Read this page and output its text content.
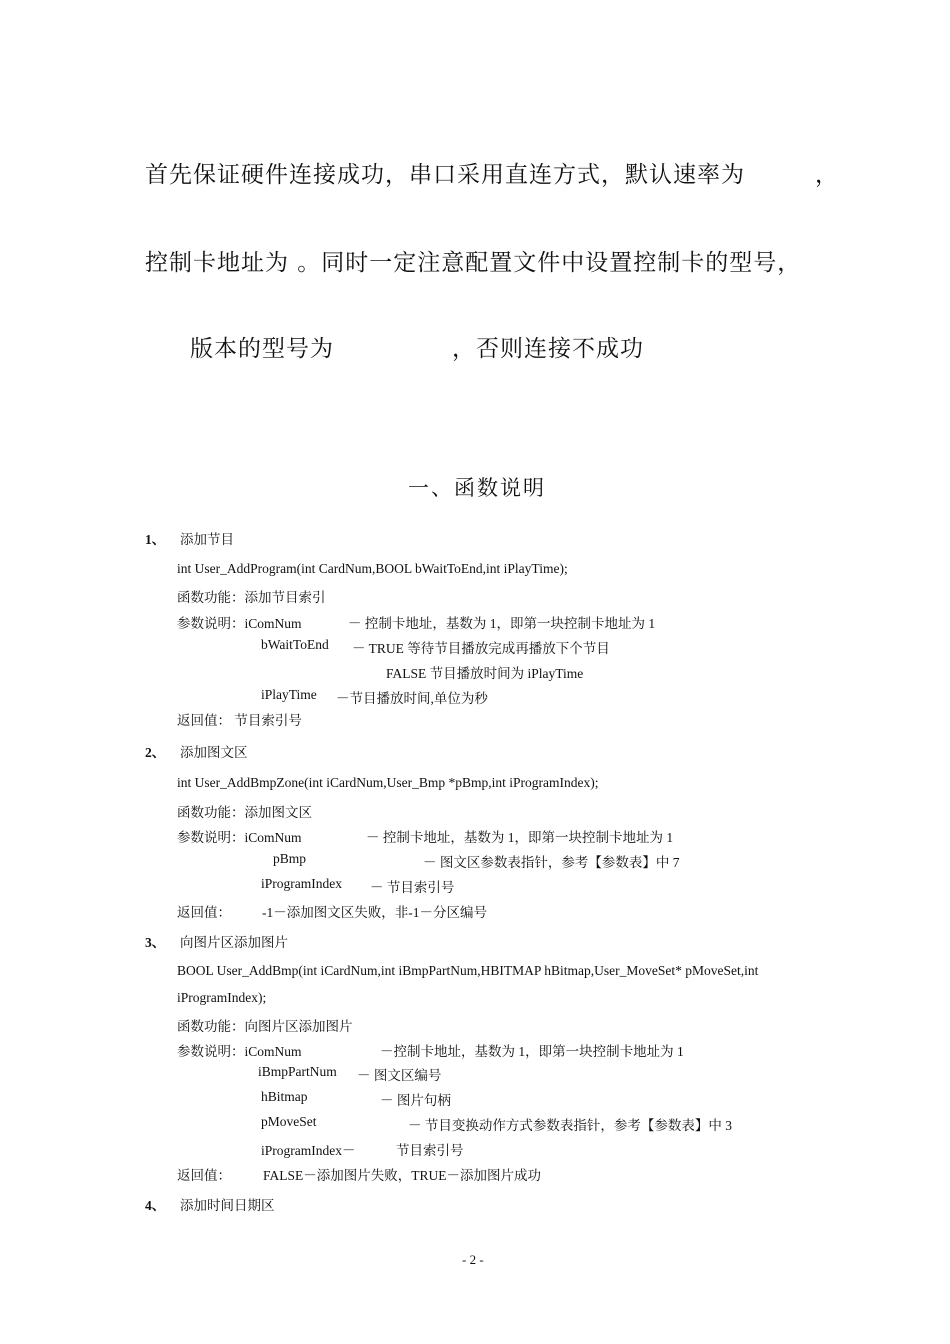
首先保证硬件连接成功，串口采用直连方式，默认速率为	，
控制卡地址为 。同时一定注意配置文件中设置控制卡的型号，
版本的型号为	，否则连接不成功
一、函数说明
1、 添加节目
int User_AddProgram(int CardNum,BOOL bWaitToEnd,int iPlayTime);
函数功能：添加节目索引
参数说明：iComNum	－ 控制卡地址，基数为 1，即第一块控制卡地址为 1
bWaitToEnd － TRUE 等待节目播放完成再播放下个节目
FALSE 节目播放时间为 iPlayTime
iPlayTime －节目播放时间,单位为秒
返回值： 节目索引号
2、 添加图文区
int User_AddBmpZone(int iCardNum,User_Bmp *pBmp,int iProgramIndex);
函数功能：添加图文区
参数说明：iComNum	－ 控制卡地址，基数为 1，即第一块控制卡地址为 1
pBmp	－ 图文区参数表指针，参考【参数表】中 7
iProgramIndex － 节目索引号
返回值： -1－添加图文区失败，非-1－分区编号
3、 向图片区添加图片
BOOL User_AddBmp(int iCardNum,int iBmpPartNum,HBITMAP hBitmap,User_MoveSet* pMoveSet,int
iProgramIndex);
函数功能：向图片区添加图片
参数说明：iComNum	－控制卡地址，基数为 1，即第一块控制卡地址为 1
iBmpPartNum － 图文区编号
hBitmap	－ 图片句柄
pMoveSet	－ 节目变换动作方式参数表指针，参考【参数表】中 3
iProgramIndex－	节目索引号
返回值： FALSE－添加图片失败，TRUE－添加图片成功
4、 添加时间日期区
- 2 -
